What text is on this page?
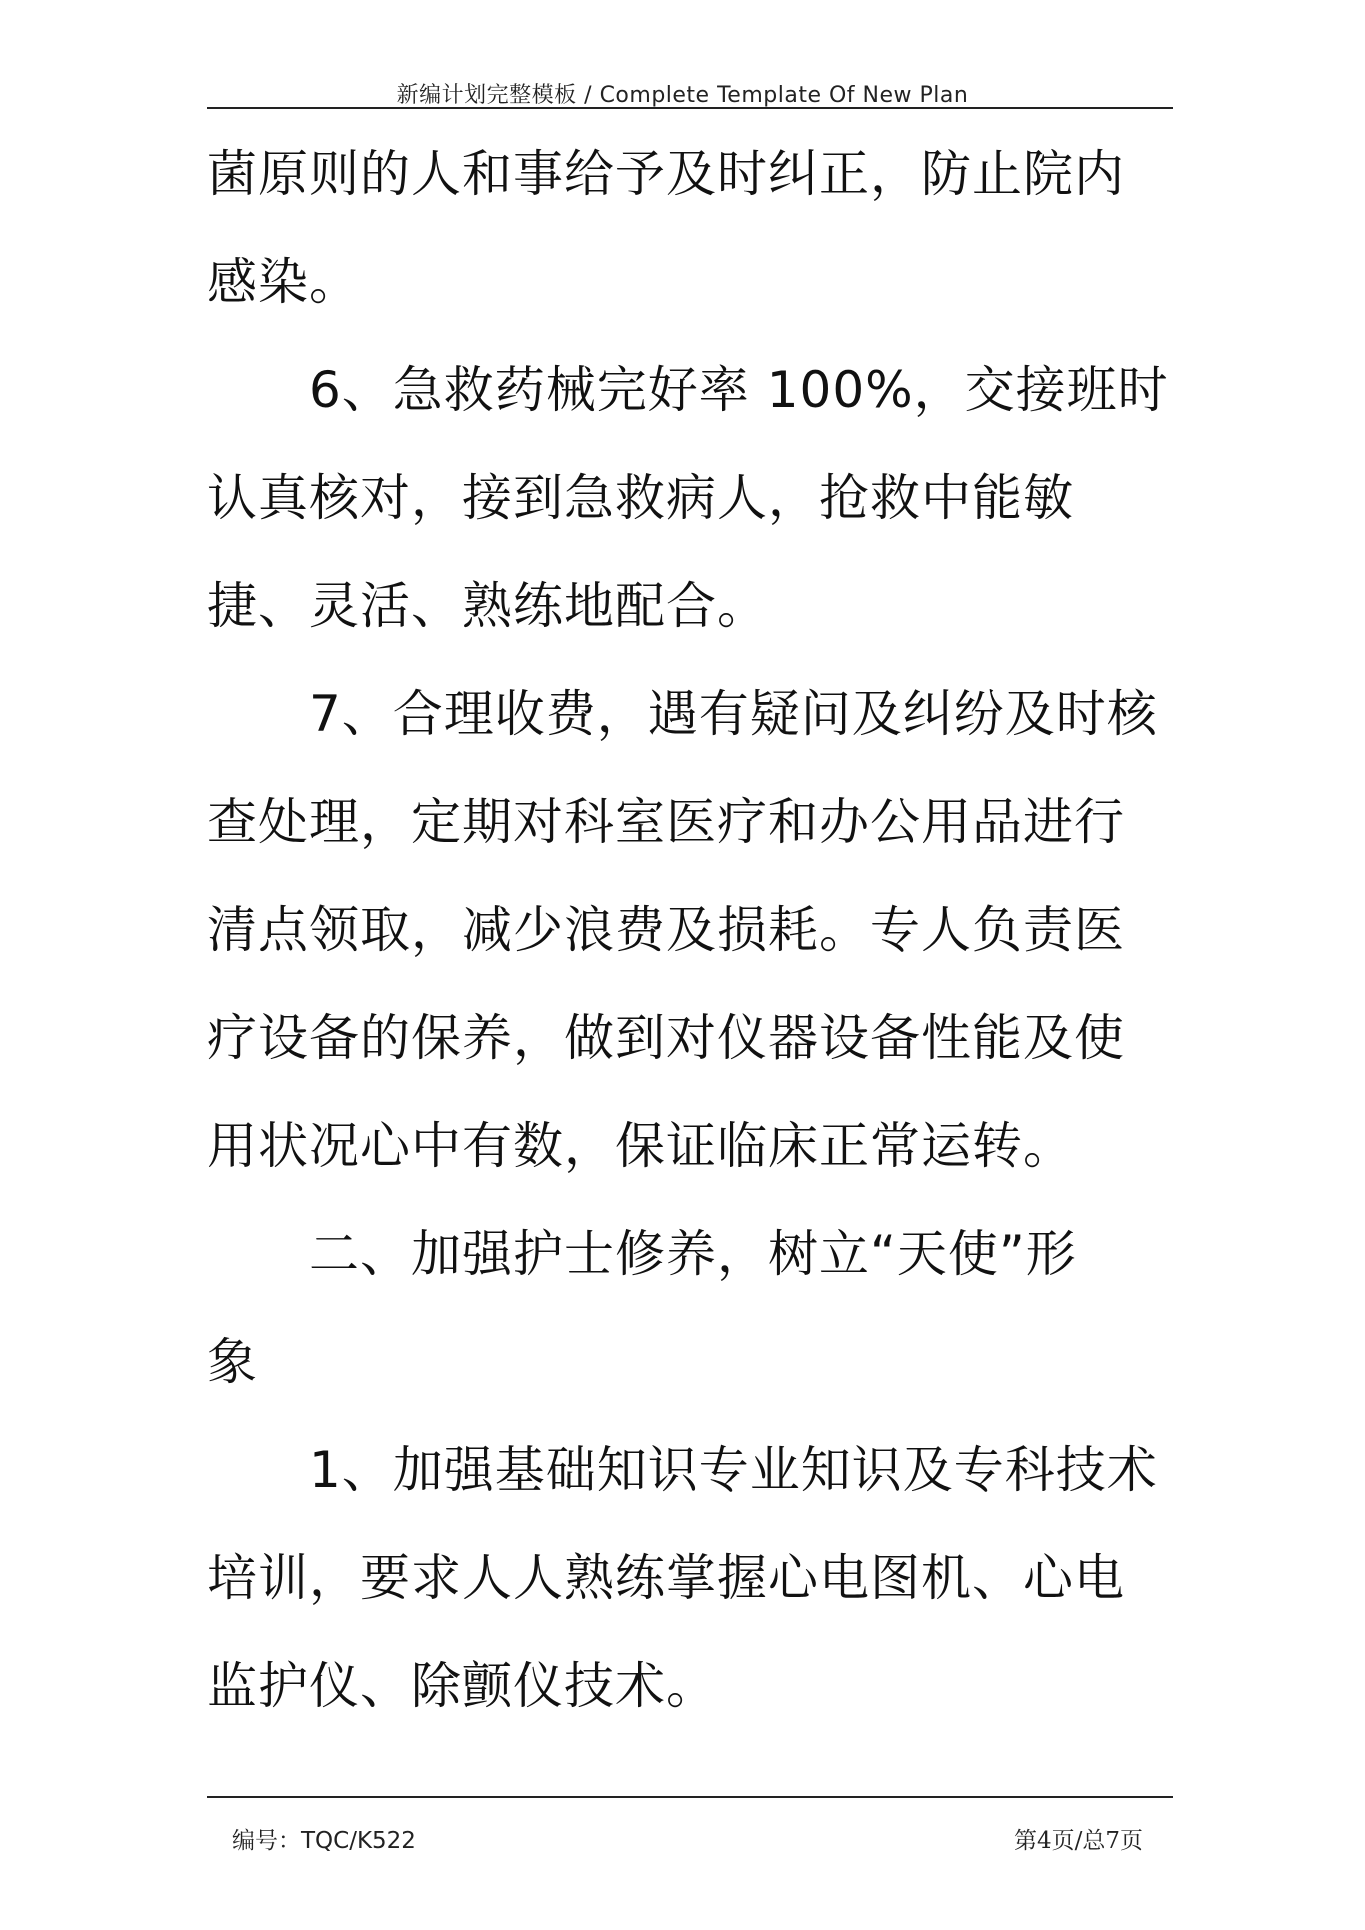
新编计划完整模板 / Complete Template Of New Plan
菌原则的人和事给予及时纠正，防止院内
感染。
6、急救药械完好率 100%，交接班时
认真核对，接到急救病人，抢救中能敏
捷、灵活、熟练地配合。
7、合理收费，遇有疑问及纠纷及时核
查处理，定期对科室医疗和办公用品进行
清点领取，减少浪费及损耗。专人负责医
疗设备的保养，做到对仪器设备性能及使
用状况心中有数，保证临床正常运转。
二、加强护士修养，树立“天使”形
象
1、加强基础知识专业知识及专科技术
培训，要求人人熟练掌握心电图机、心电
监护仪、除颤仪技术。
编号：TQC/K522	第4页/总7页
